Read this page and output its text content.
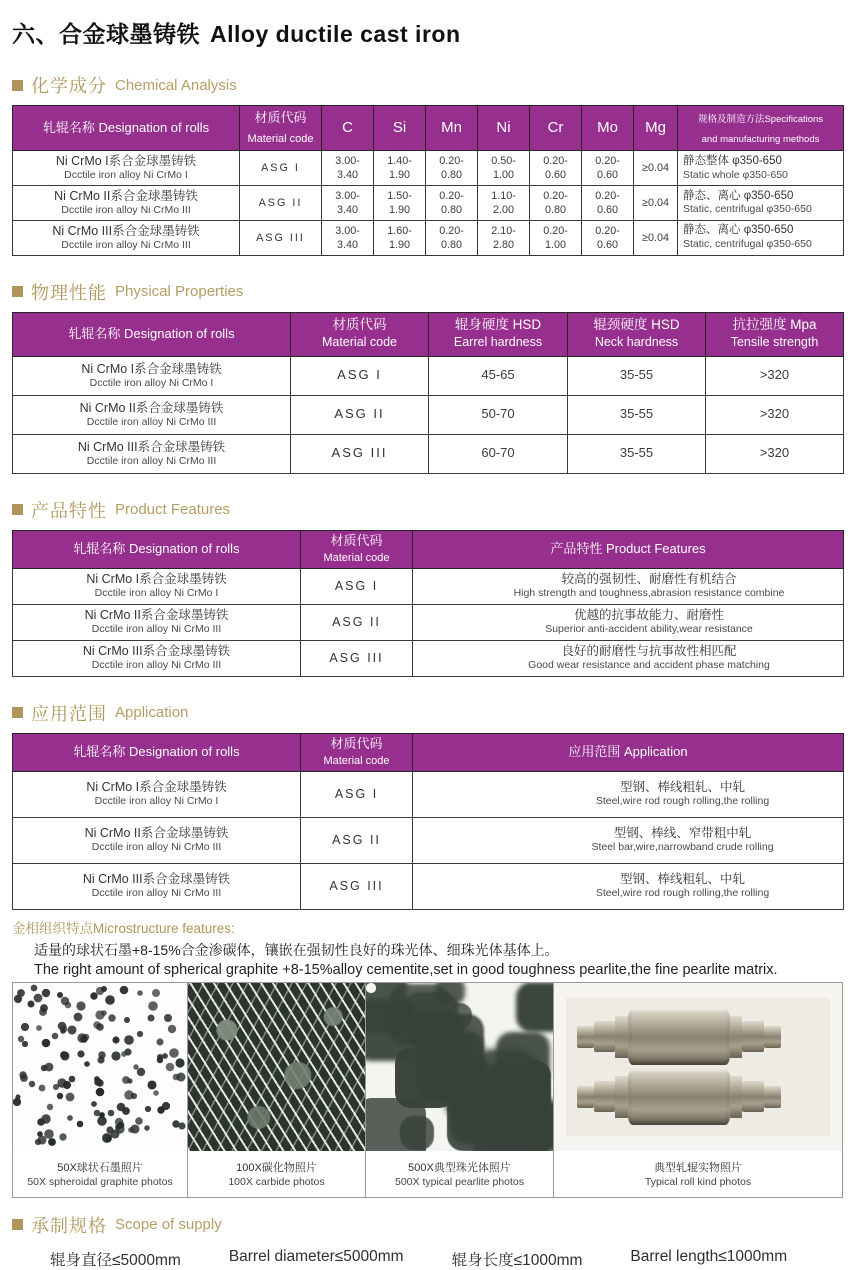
六、合金球墨铸铁 Alloy ductile cast iron
化学成分 Chemical Analysis
轧辊名称 Designation of rolls	材质代码
Material code	C	Si	Mn	Ni	Cr	Mo	Mg	规格及制造方法Specifications
and manufacturing methods

Ni CrMo I系合金球墨铸铁
Dcctile iron alloy Ni CrMo I	ASG I	3.00-3.40	1.40-1.90	0.20-0.80	0.50-1.00	0.20-0.60	0.20-0.60	≥0.04	静态整体 φ350-650
Static whole φ350-650

Ni CrMo II系合金球墨铸铁
Dcctile iron alloy Ni CrMo III	ASG II	3.00-3.40	1.50-1.90	0.20-0.80	1.10-2.00	0.20-0.80	0.20-0.60	≥0.04	静态、离心 φ350-650
Static, centrifugal φ350-650

Ni CrMo III系合金球墨铸铁
Dcctile iron alloy Ni CrMo III	ASG III	3.00-3.40	1.60-1.90	0.20-0.80	2.10-2.80	0.20-1.00	0.20-0.60	≥0.04	静态、离心 φ350-650
Static, centrifugal φ350-650
物理性能 Physical Properties
轧辊名称 Designation of rolls	材质代码
Material code	辊身硬度 HSD
Earrel hardness	辊颈硬度 HSD
Neck hardness	抗拉强度 Mpa
Tensile strength

Ni CrMo I系合金球墨铸铁
Dcctile iron alloy Ni CrMo I	ASG I	45-65	35-55	>320

Ni CrMo II系合金球墨铸铁
Dcctile iron alloy Ni CrMo III	ASG II	50-70	35-55	>320

Ni CrMo III系合金球墨铸铁
Dcctile iron alloy Ni CrMo III	ASG III	60-70	35-55	>320
产品特性 Product Features
轧辊名称 Designation of rolls	材质代码
Material code	产品特性 Product Features

Ni CrMo I系合金球墨铸铁
Dcctile iron alloy Ni CrMo I	ASG I	较高的强韧性、耐磨性有机结合
High strength and toughness,abrasion resistance combine

Ni CrMo II系合金球墨铸铁
Dcctile iron alloy Ni CrMo III	ASG II	优越的抗事故能力、耐磨性
Superior anti-accident ability,wear resistance

Ni CrMo III系合金球墨铸铁
Dcctile iron alloy Ni CrMo III	ASG III	良好的耐磨性与抗事故性相匹配
Good wear resistance and accident phase matching
应用范围 Application
轧辊名称 Designation of rolls	材质代码
Material code	应用范围 Application

Ni CrMo I系合金球墨铸铁
Dcctile iron alloy Ni CrMo I	ASG I	型钢、棒线粗轧、中轧
Steel,wire rod rough rolling,the rolling

Ni CrMo II系合金球墨铸铁
Dcctile iron alloy Ni CrMo III	ASG II	型钢、棒线、窄带粗中轧
Steel bar,wire,narrowband crude rolling

Ni CrMo III系合金球墨铸铁
Dcctile iron alloy Ni CrMo III	ASG III	型钢、棒线粗轧、中轧
Steel,wire rod rough rolling,the rolling
金相组织特点Microstructure features:
适量的球状石墨+8-15%合金渗碳体，镶嵌在强韧性良好的珠光体、细珠光体基体上。
The right amount of spherical graphite +8-15%alloy cementite,set in good toughness pearlite,the fine pearlite matrix.
50X球状石墨照片
50X spheroidal graphite photos
100X碳化物照片
100X carbide photos
500X典型珠光体照片
500X typical pearlite photos
典型轧辊实物照片
Typical roll kind photos
承制规格 Scope of supply
辊身直径≤5000mm	Barrel diameter≤5000mm	辊身长度≤1000mm	Barrel length≤1000mm
